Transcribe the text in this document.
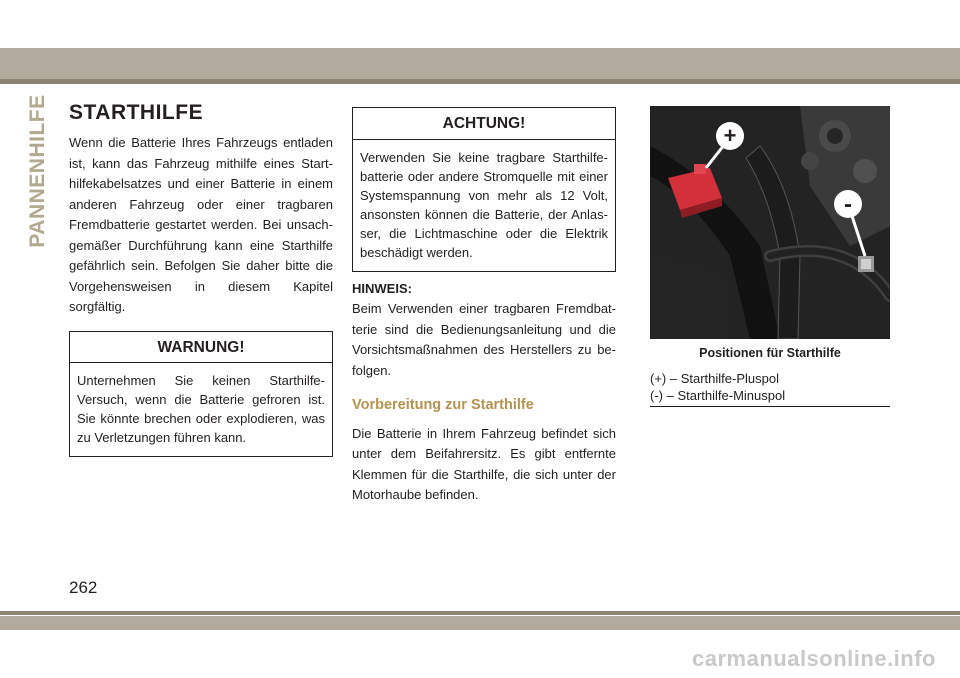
PANNENHILFE STARTHILFE

Wenn die Batterie Ihres Fahrzeugs entladen ist, kann das Fahrzeug mithilfe eines Start-hilfekabelsatzes und einer Batterie in einem anderen Fahrzeug oder einer tragbaren Fremdbatterie gestartet werden. Bei unsach-gemäßer Durchführung kann eine Starthilfe gefährlich sein. Befolgen Sie daher bitte die Vorgehensweisen in diesem Kapitel sorgfältig.

WARNUNG!
Unternehmen Sie keinen Starthilfe-Versuch, wenn die Batterie gefroren ist. Sie könnte brechen oder explodieren, was zu Verletzungen führen kann.
ACHTUNG!
Verwenden Sie keine tragbare Starthilfe-batterie oder andere Stromquelle mit einer Systemspannung von mehr als 12 Volt, ansonsten können die Batterie, der Anlas-ser, die Lichtmaschine oder die Elektrik beschädigt werden.
HINWEIS:

Beim Verwenden einer tragbaren Fremdbat-terie sind die Bedienungsanleitung und die Vorsichtsmaßnahmen des Herstellers zu be-folgen.

Vorbereitung zur Starthilfe

Die Batterie in Ihrem Fahrzeug befindet sich unter dem Beifahrersitz. Es gibt entfernte Klemmen für die Starthilfe, die sich unter der Motorhaube befinden.

+
-
Positionen für Starthilfe
(+) – Starthilfe-Pluspol
(-) – Starthilfe-Minuspol
262
carmanualsonline.info
